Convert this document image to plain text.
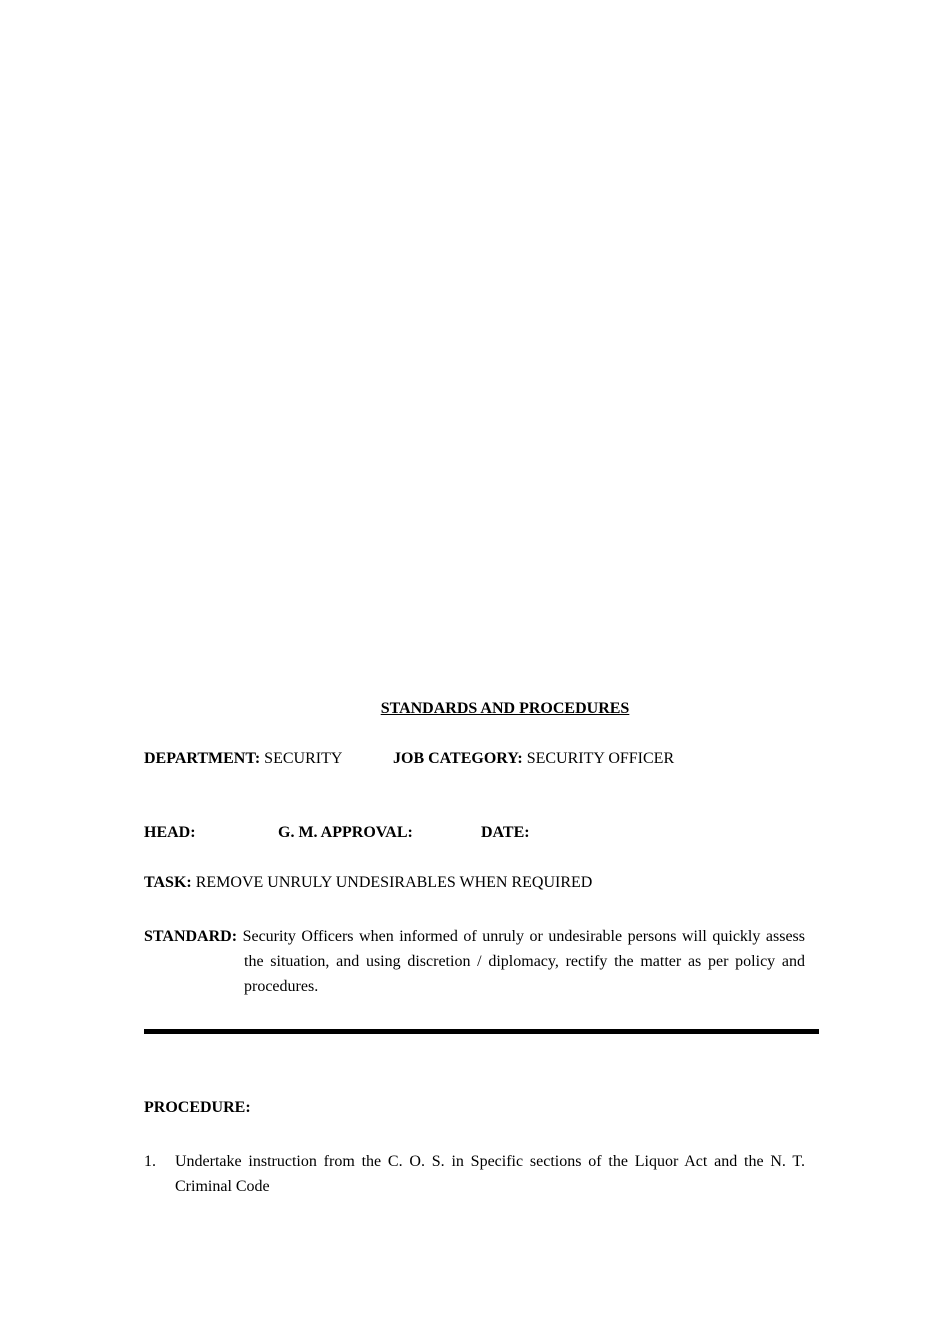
STANDARDS AND PROCEDURES
DEPARTMENT: SECURITY	JOB CATEGORY: SECURITY OFFICER
HEAD:	G. M. APPROVAL:	DATE:
TASK: REMOVE UNRULY UNDESIRABLES WHEN REQUIRED
STANDARD: Security Officers when informed of unruly or undesirable persons will quickly assess the situation, and using discretion / diplomacy, rectify the matter as per policy and procedures.
PROCEDURE:
1. Undertake instruction from the C. O. S. in Specific sections of the Liquor Act and the N. T. Criminal Code
